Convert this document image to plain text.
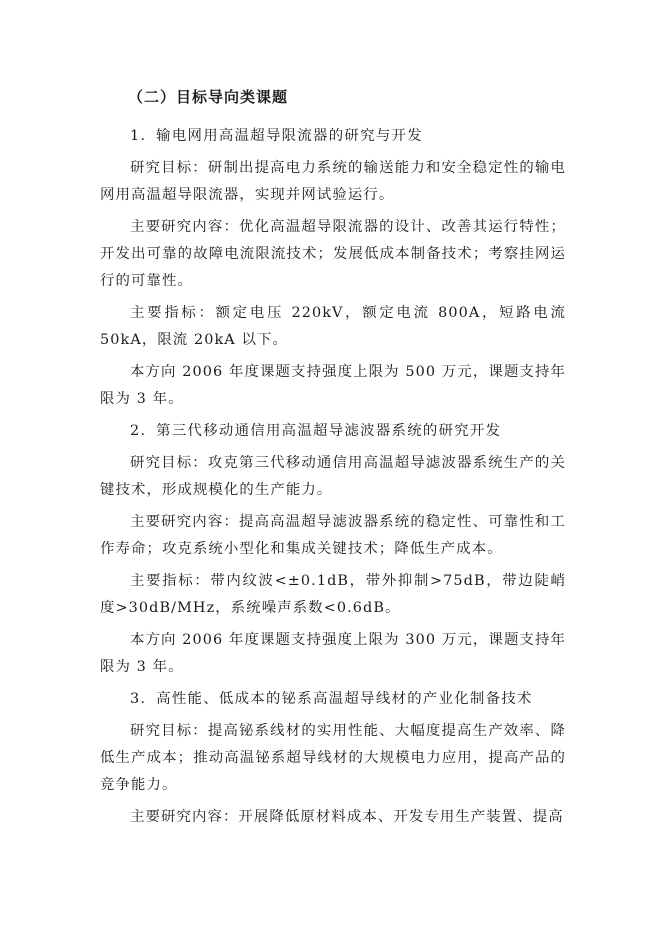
（二）目标导向类课题
1．输电网用高温超导限流器的研究与开发
研究目标：研制出提高电力系统的输送能力和安全稳定性的输电网用高温超导限流器，实现并网试验运行。
主要研究内容：优化高温超导限流器的设计、改善其运行特性；开发出可靠的故障电流限流技术；发展低成本制备技术；考察挂网运行的可靠性。
主要指标：额定电压 220kV，额定电流 800A，短路电流 50kA，限流 20kA 以下。
本方向 2006 年度课题支持强度上限为 500 万元，课题支持年限为 3 年。
2．第三代移动通信用高温超导滤波器系统的研究开发
研究目标：攻克第三代移动通信用高温超导滤波器系统生产的关键技术，形成规模化的生产能力。
主要研究内容：提高高温超导滤波器系统的稳定性、可靠性和工作寿命；攻克系统小型化和集成关键技术；降低生产成本。
主要指标：带内纹波<±0.1dB，带外抑制>75dB，带边陡峭度>30dB/MHz，系统噪声系数<0.6dB。
本方向 2006 年度课题支持强度上限为 300 万元，课题支持年限为 3 年。
3．高性能、低成本的铋系高温超导线材的产业化制备技术
研究目标：提高铋系线材的实用性能、大幅度提高生产效率、降低生产成本；推动高温铋系超导线材的大规模电力应用，提高产品的竞争能力。
主要研究内容：开展降低原材料成本、开发专用生产装置、提高
